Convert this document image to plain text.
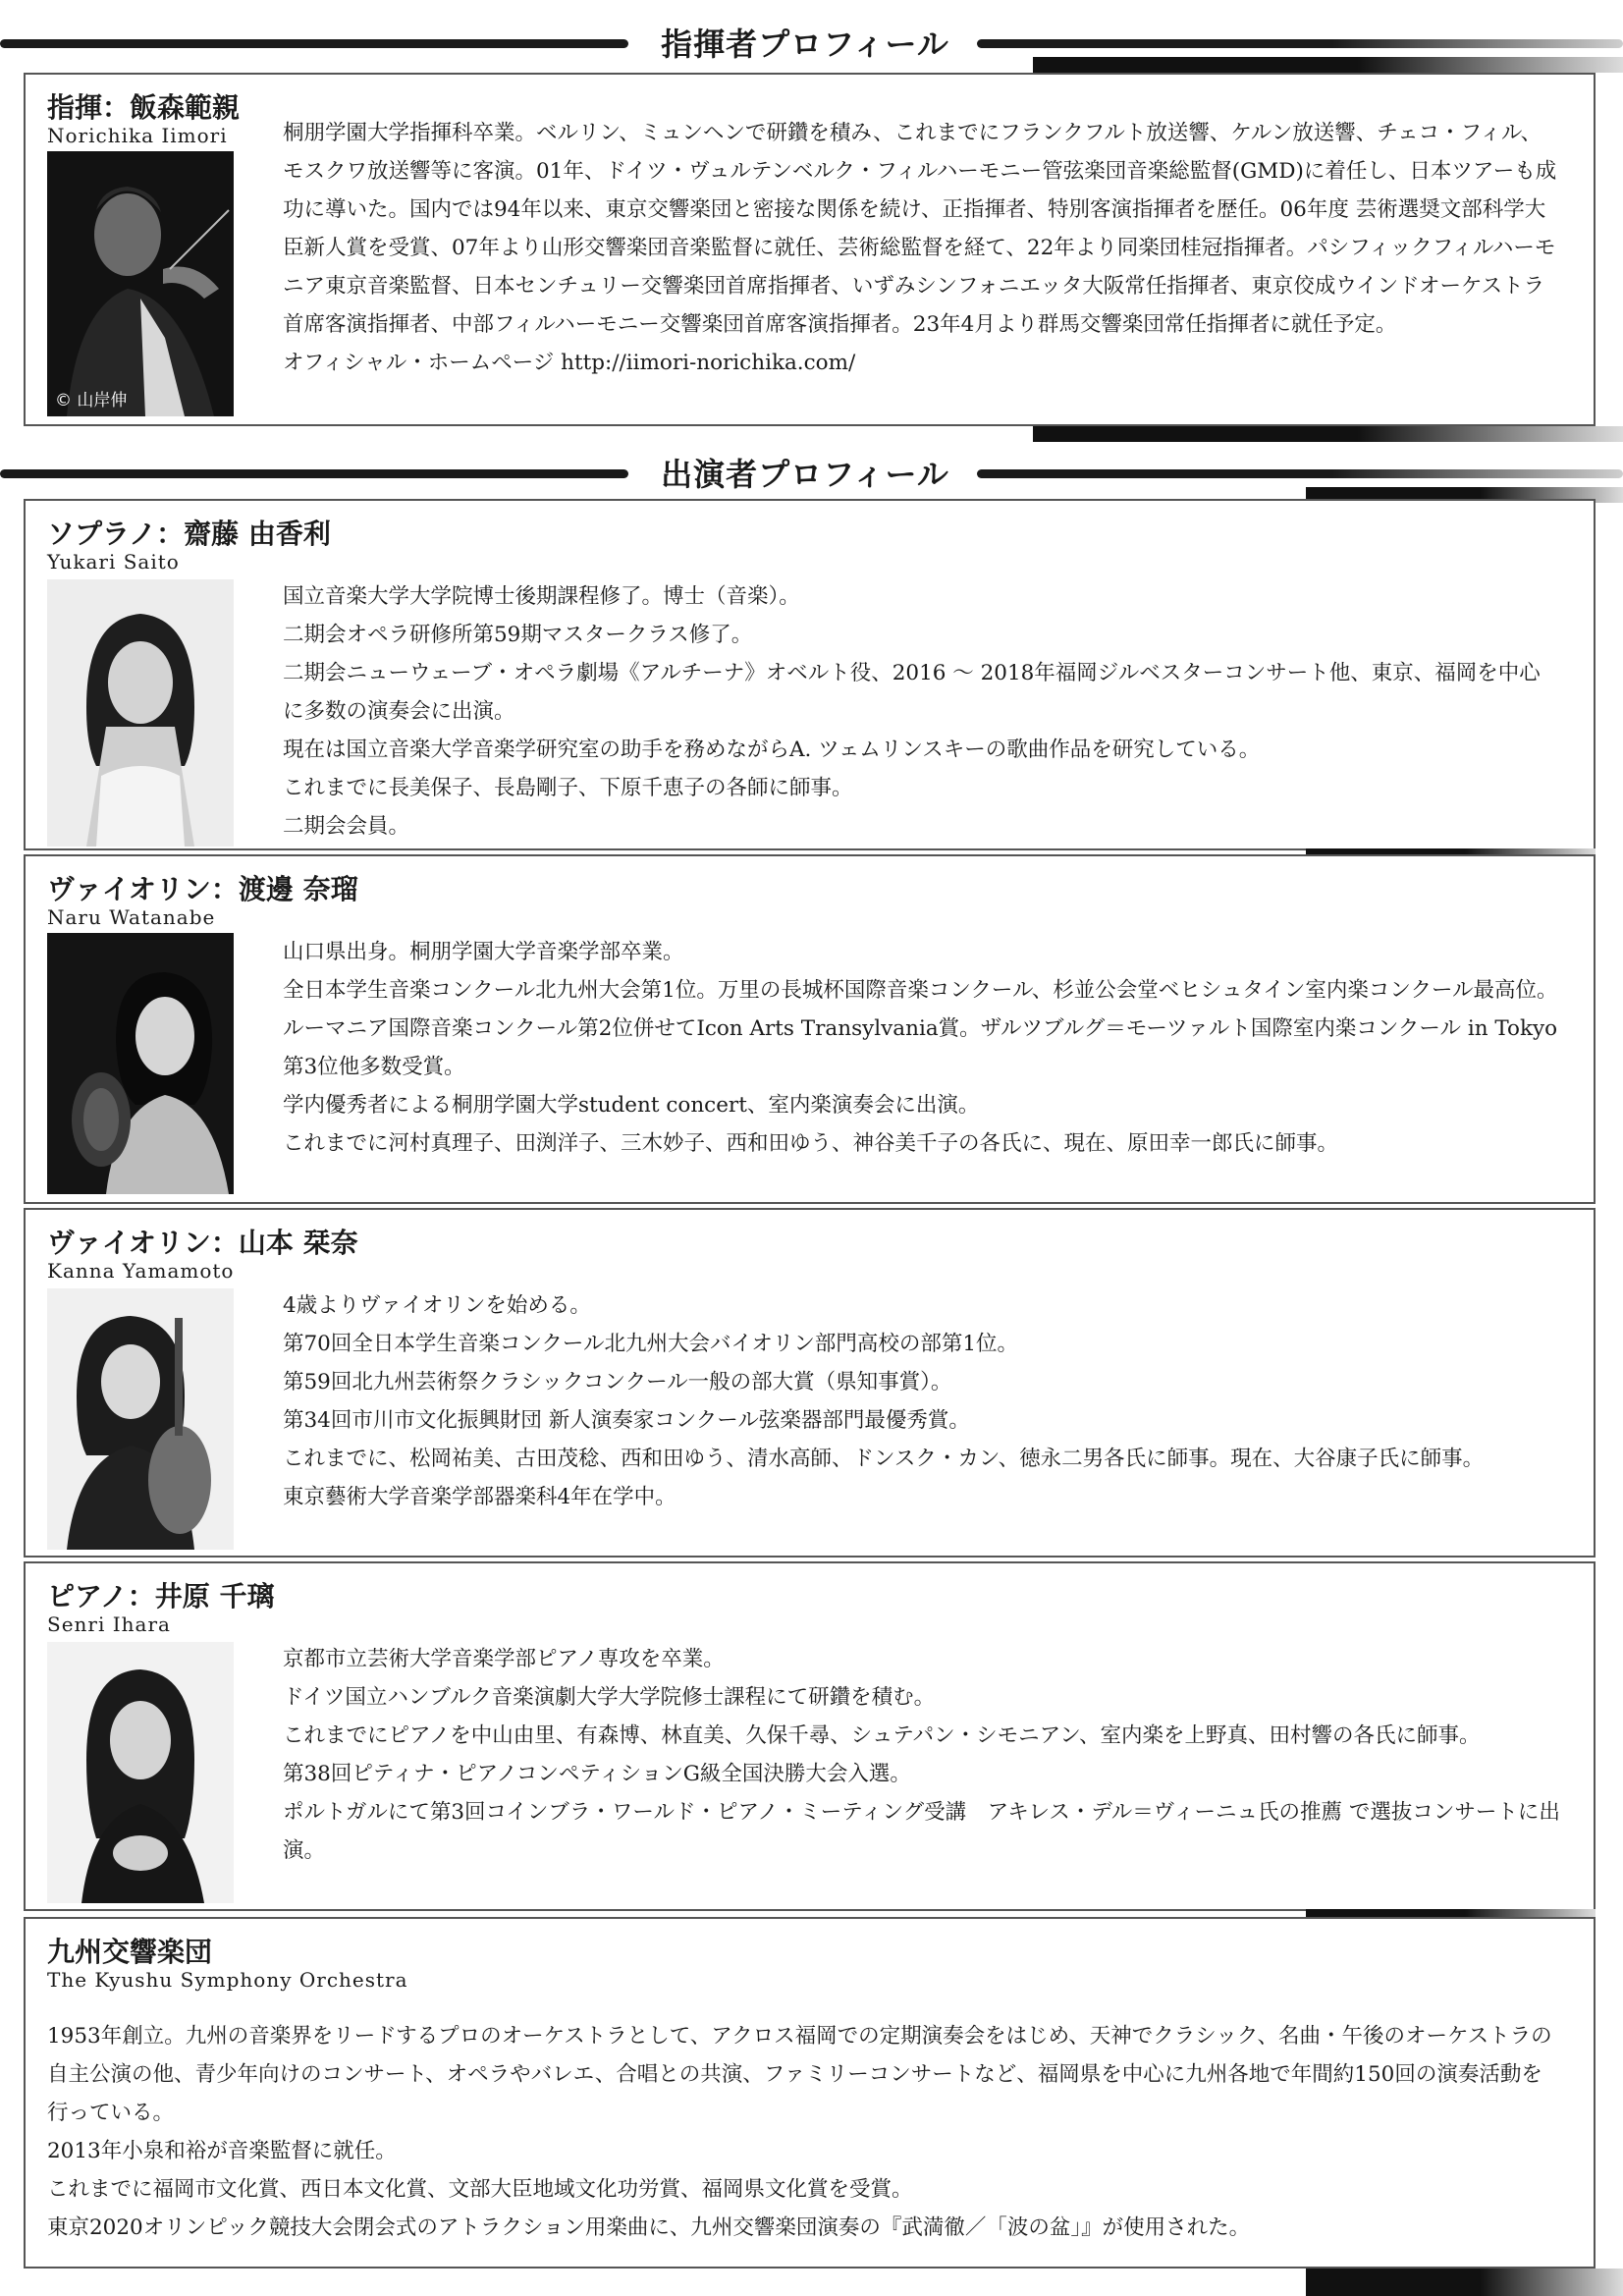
指揮者プロフィール
指揮：飯森範親
Norichika Iimori
© 山岸伸

桐朋学園大学指揮科卒業。ベルリン、ミュンヘンで研鑽を積み、これまでにフランクフルト放送響、ケルン放送響、チェコ・フィル、モスクワ放送響等に客演。01年、ドイツ・ヴュルテンベルク・フィルハーモニー管弦楽団音楽総監督(GMD)に着任し、日本ツアーも成功に導いた。国内では94年以来、東京交響楽団と密接な関係を続け、正指揮者、特別客演指揮者を歴任。06年度 芸術選奨文部科学大臣新人賞を受賞、07年より山形交響楽団音楽監督に就任、芸術総監督を経て、22年より同楽団桂冠指揮者。パシフィックフィルハーモニア東京音楽監督、日本センチュリー交響楽団首席指揮者、いずみシンフォニエッタ大阪常任指揮者、東京佼成ウインドオーケストラ首席客演指揮者、中部フィルハーモニー交響楽団首席客演指揮者。23年4月より群馬交響楽団常任指揮者に就任予定。

オフィシャル・ホームページ http://iimori-norichika.com/

出演者プロフィール
ソプラノ：齋藤 由香利
Yukari Saito

国立音楽大学大学院博士後期課程修了。博士（音楽）。

二期会オペラ研修所第59期マスタークラス修了。

二期会ニューウェーブ・オペラ劇場《アルチーナ》オベルト役、2016 ～ 2018年福岡ジルベスターコンサート他、東京、福岡を中心に多数の演奏会に出演。

現在は国立音楽大学音楽学研究室の助手を務めながらA. ツェムリンスキーの歌曲作品を研究している。

これまでに長美保子、長島剛子、下原千恵子の各師に師事。

二期会会員。

ヴァイオリン：渡邊 奈瑠
Naru Watanabe

山口県出身。桐朋学園大学音楽学部卒業。

全日本学生音楽コンクール北九州大会第1位。万里の長城杯国際音楽コンクール、杉並公会堂ベヒシュタイン室内楽コンクール最高位。ルーマニア国際音楽コンクール第2位併せてIcon Arts Transylvania賞。ザルツブルグ＝モーツァルト国際室内楽コンクール in Tokyo 第3位他多数受賞。

学内優秀者による桐朋学園大学student concert、室内楽演奏会に出演。

これまでに河村真理子、田渕洋子、三木妙子、西和田ゆう、神谷美千子の各氏に、現在、原田幸一郎氏に師事。

ヴァイオリン：山本 栞奈
Kanna Yamamoto

4歳よりヴァイオリンを始める。

第70回全日本学生音楽コンクール北九州大会バイオリン部門高校の部第1位。

第59回北九州芸術祭クラシックコンクール一般の部大賞（県知事賞）。

第34回市川市文化振興財団 新人演奏家コンクール弦楽器部門最優秀賞。

これまでに、松岡祐美、古田茂稔、西和田ゆう、清水高師、ドンスク・カン、徳永二男各氏に師事。現在、大谷康子氏に師事。

東京藝術大学音楽学部器楽科4年在学中。

ピアノ：井原 千璃
Senri Ihara

京都市立芸術大学音楽学部ピアノ専攻を卒業。

ドイツ国立ハンブルク音楽演劇大学大学院修士課程にて研鑽を積む。

これまでにピアノを中山由里、有森博、林直美、久保千尋、シュテパン・シモニアン、室内楽を上野真、田村響の各氏に師事。

第38回ピティナ・ピアノコンペティションG級全国決勝大会入選。

ポルトガルにて第3回コインブラ・ワールド・ピアノ・ミーティング受講　アキレス・デル＝ヴィーニュ氏の推薦 で選抜コンサートに出演。

九州交響楽団
The Kyushu Symphony Orchestra

1953年創立。九州の音楽界をリードするプロのオーケストラとして、アクロス福岡での定期演奏会をはじめ、天神でクラシック、名曲・午後のオーケストラの自主公演の他、青少年向けのコンサート、オペラやバレエ、合唱との共演、ファミリーコンサートなど、福岡県を中心に九州各地で年間約150回の演奏活動を行っている。

2013年小泉和裕が音楽監督に就任。

これまでに福岡市文化賞、西日本文化賞、文部大臣地域文化功労賞、福岡県文化賞を受賞。

東京2020オリンピック競技大会閉会式のアトラクション用楽曲に、九州交響楽団演奏の『武満徹／「波の盆」』が使用された。
